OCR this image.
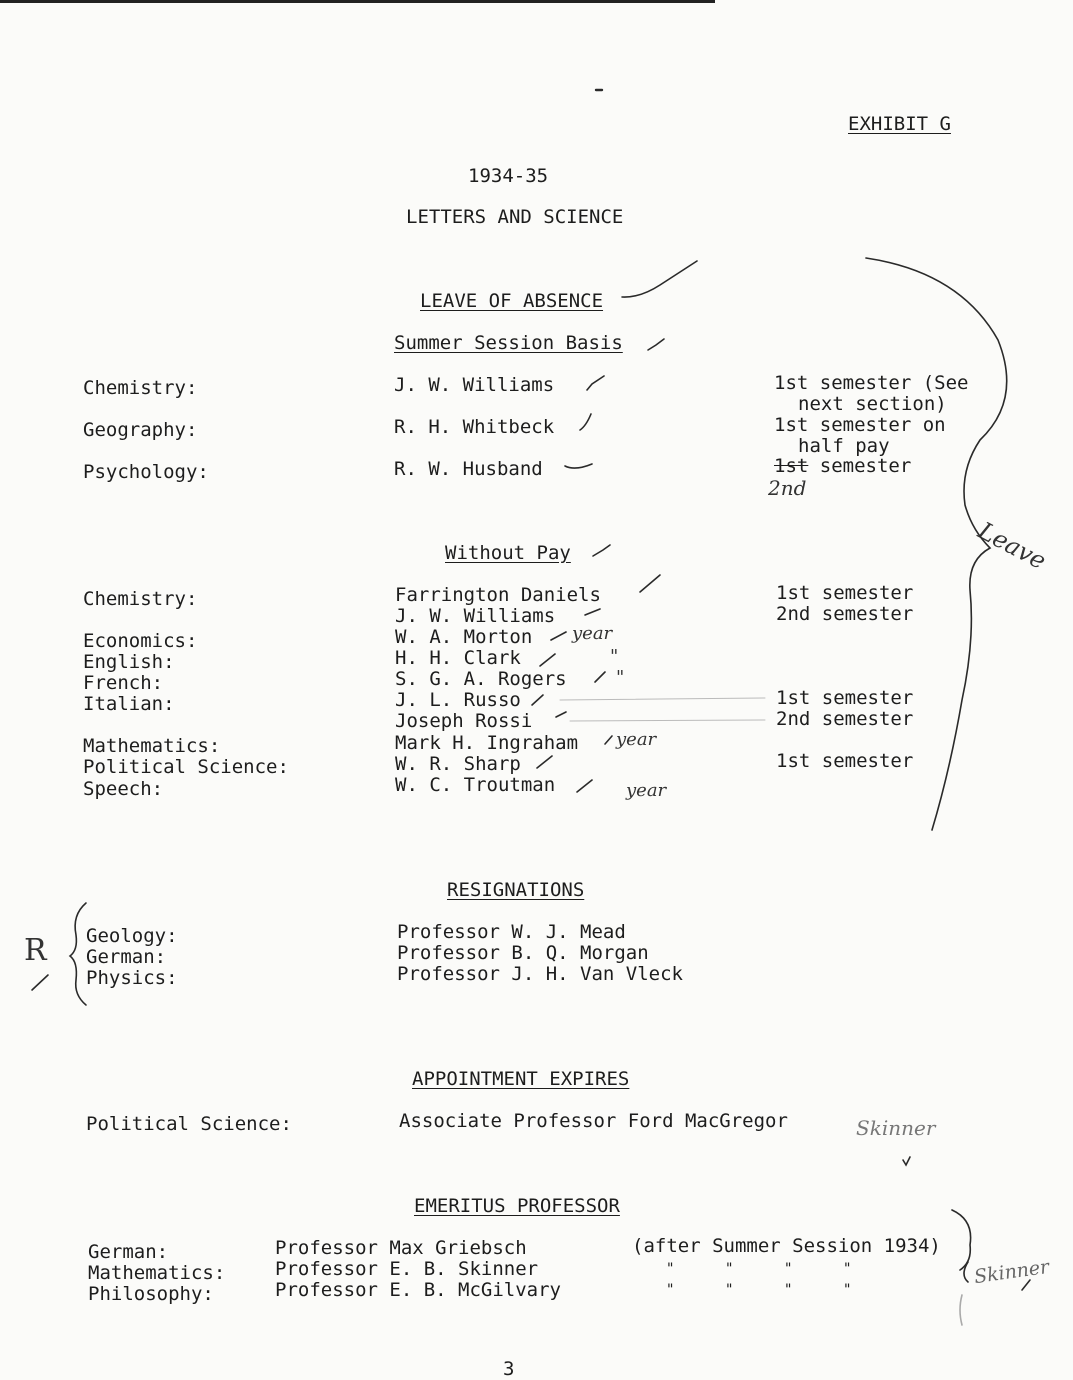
EXHIBIT G
1934-35
LETTERS AND SCIENCE
LEAVE OF ABSENCE
Summer Session Basis
Chemistry:	J. W. Williams	1st semester (See
next section)
Geography:	R. H. Whitbeck	1st semester on
half pay
Psychology:	R. W. Husband	1st semester
2nd
Without Pay
Chemistry:	Farrington Daniels	1st semester
J. W. Williams	2nd semester
Economics:	W. A. Morton year
English:	H. H. Clark	"
French:	S. G. A. Rogers	"
Italian:	J. L. Russo	1st semester
Joseph Rossi	2nd semester
Mathematics:	Mark H. Ingraham year
Political Science:	W. R. Sharp	1st semester
Speech:	W. C. Troutman	year
Leave
RESIGNATIONS
R Geology:	Professor W. J. Mead
German:	Professor B. Q. Morgan
Physics:	Professor J. H. Van Vleck
APPOINTMENT EXPIRES
Political Science:	Associate Professor Ford MacGregor	Skinner
EMERITUS PROFESSOR
German:	Professor Max Griebsch	(after Summer Session 1934)
Mathematics:	Professor E. B. Skinner	"      "      "      "
Philosophy:	Professor E. B. McGilvary	"      "      "      "
Skinner
3
